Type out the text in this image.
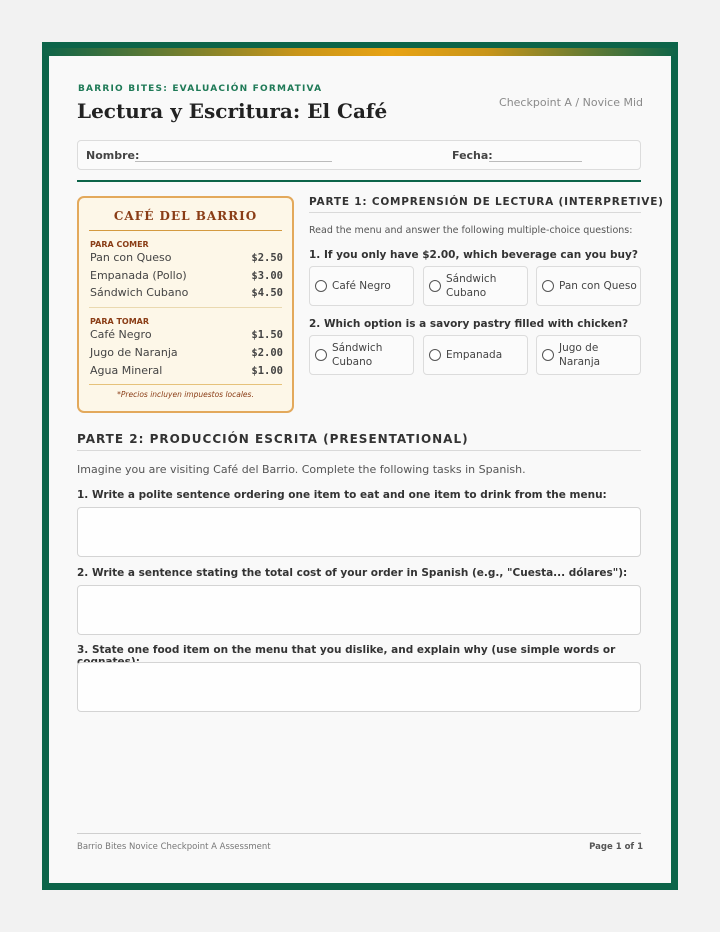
BARRIO BITES: EVALUACIÓN FORMATIVA
Lectura y Escritura: El Café	Checkpoint A / Novice Mid
Nombre:	Fecha:
CAFÉ DEL BARRIO
PARA COMER
Pan con Queso	$2.50
Empanada (Pollo)	$3.00
Sándwich Cubano	$4.50
PARA TOMAR
Café Negro	$1.50
Jugo de Naranja	$2.00
Agua Mineral	$1.00
*Precios incluyen impuestos locales.
PARTE 1: COMPRENSIÓN DE LECTURA (INTERPRETIVE)
Read the menu and answer the following multiple-choice questions:
1. If you only have $2.00, which beverage can you buy?
Café Negro
Sándwich Cubano
Pan con Queso
2. Which option is a savory pastry filled with chicken?
Sándwich Cubano
Empanada
Jugo de Naranja
PARTE 2: PRODUCCIÓN ESCRITA (PRESENTATIONAL)
Imagine you are visiting Café del Barrio. Complete the following tasks in Spanish.
1. Write a polite sentence ordering one item to eat and one item to drink from the menu:
2. Write a sentence stating the total cost of your order in Spanish (e.g., "Cuesta... dólares"):
3. State one food item on the menu that you dislike, and explain why (use simple words or
Barrio Bites Novice Checkpoint A Assessment	Page 1 of 1
